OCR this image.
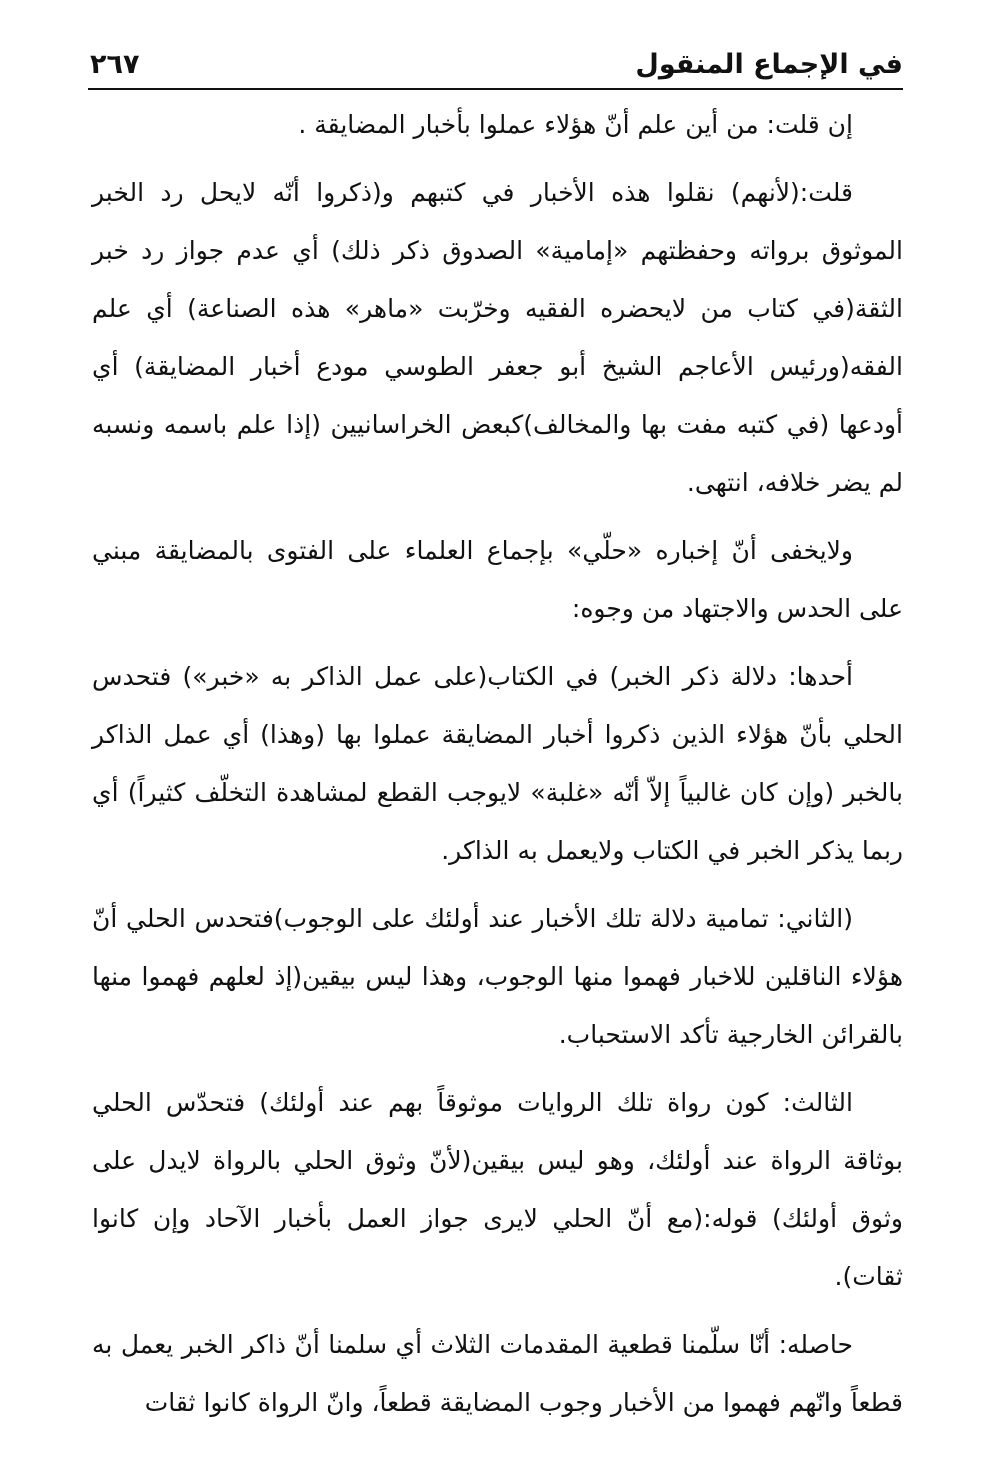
في الإجماع المنقول
٢٦٧

إن قلت: من أين علم أنّ هؤلاء عملوا بأخبار المضايقة .

قلت:(لأنهم) نقلوا هذه الأخبار في كتبهم و(ذكروا أنّه لايحل رد الخبر الموثوق برواته وحفظتهم «إمامية» الصدوق ذكر ذلك) أي عدم جواز رد خبر الثقة(في كتاب من لايحضره الفقيه وخرّبت «ماهر» هذه الصناعة) أي علم الفقه(ورئيس الأعاجم الشيخ أبو جعفر الطوسي مودع أخبار المضايقة) أي أودعها (في كتبه مفت بها والمخالف)كبعض الخراسانيين (إذا علم باسمه ونسبه لم يضر خلافه، انتهى.

ولايخفى أنّ إخباره «حلّي» بإجماع العلماء على الفتوى بالمضايقة مبني على الحدس والاجتهاد من وجوه:

أحدها: دلالة ذكر الخبر) في الكتاب(على عمل الذاكر به «خبر») فتحدس الحلي بأنّ هؤلاء الذين ذكروا أخبار المضايقة عملوا بها (وهذا) أي عمل الذاكر بالخبر (وإن كان غالبياً إلاّ أنّه «غلبة» لايوجب القطع لمشاهدة التخلّف كثيراً) أي ربما يذكر الخبر في الكتاب ولايعمل به الذاكر.

(الثاني: تمامية دلالة تلك الأخبار عند أولئك على الوجوب)فتحدس الحلي أنّ هؤلاء الناقلين للاخبار فهموا منها الوجوب، وهذا ليس بيقين(إذ لعلهم فهموا منها بالقرائن الخارجية تأكد الاستحباب.

الثالث: كون رواة تلك الروايات موثوقاً بهم عند أولئك) فتحدّس الحلي بوثاقة الرواة عند أولئك، وهو ليس بيقين(لأنّ وثوق الحلي بالرواة لايدل على وثوق أولئك) قوله:(مع أنّ الحلي لايرى جواز العمل بأخبار الآحاد وإن كانوا ثقات).

حاصله: أنّا سلّمنا قطعية المقدمات الثلاث أي سلمنا أنّ ذاكر الخبر يعمل به قطعاً وانّهم فهموا من الأخبار وجوب المضايقة قطعاً، وانّ الرواة كانوا ثقات
